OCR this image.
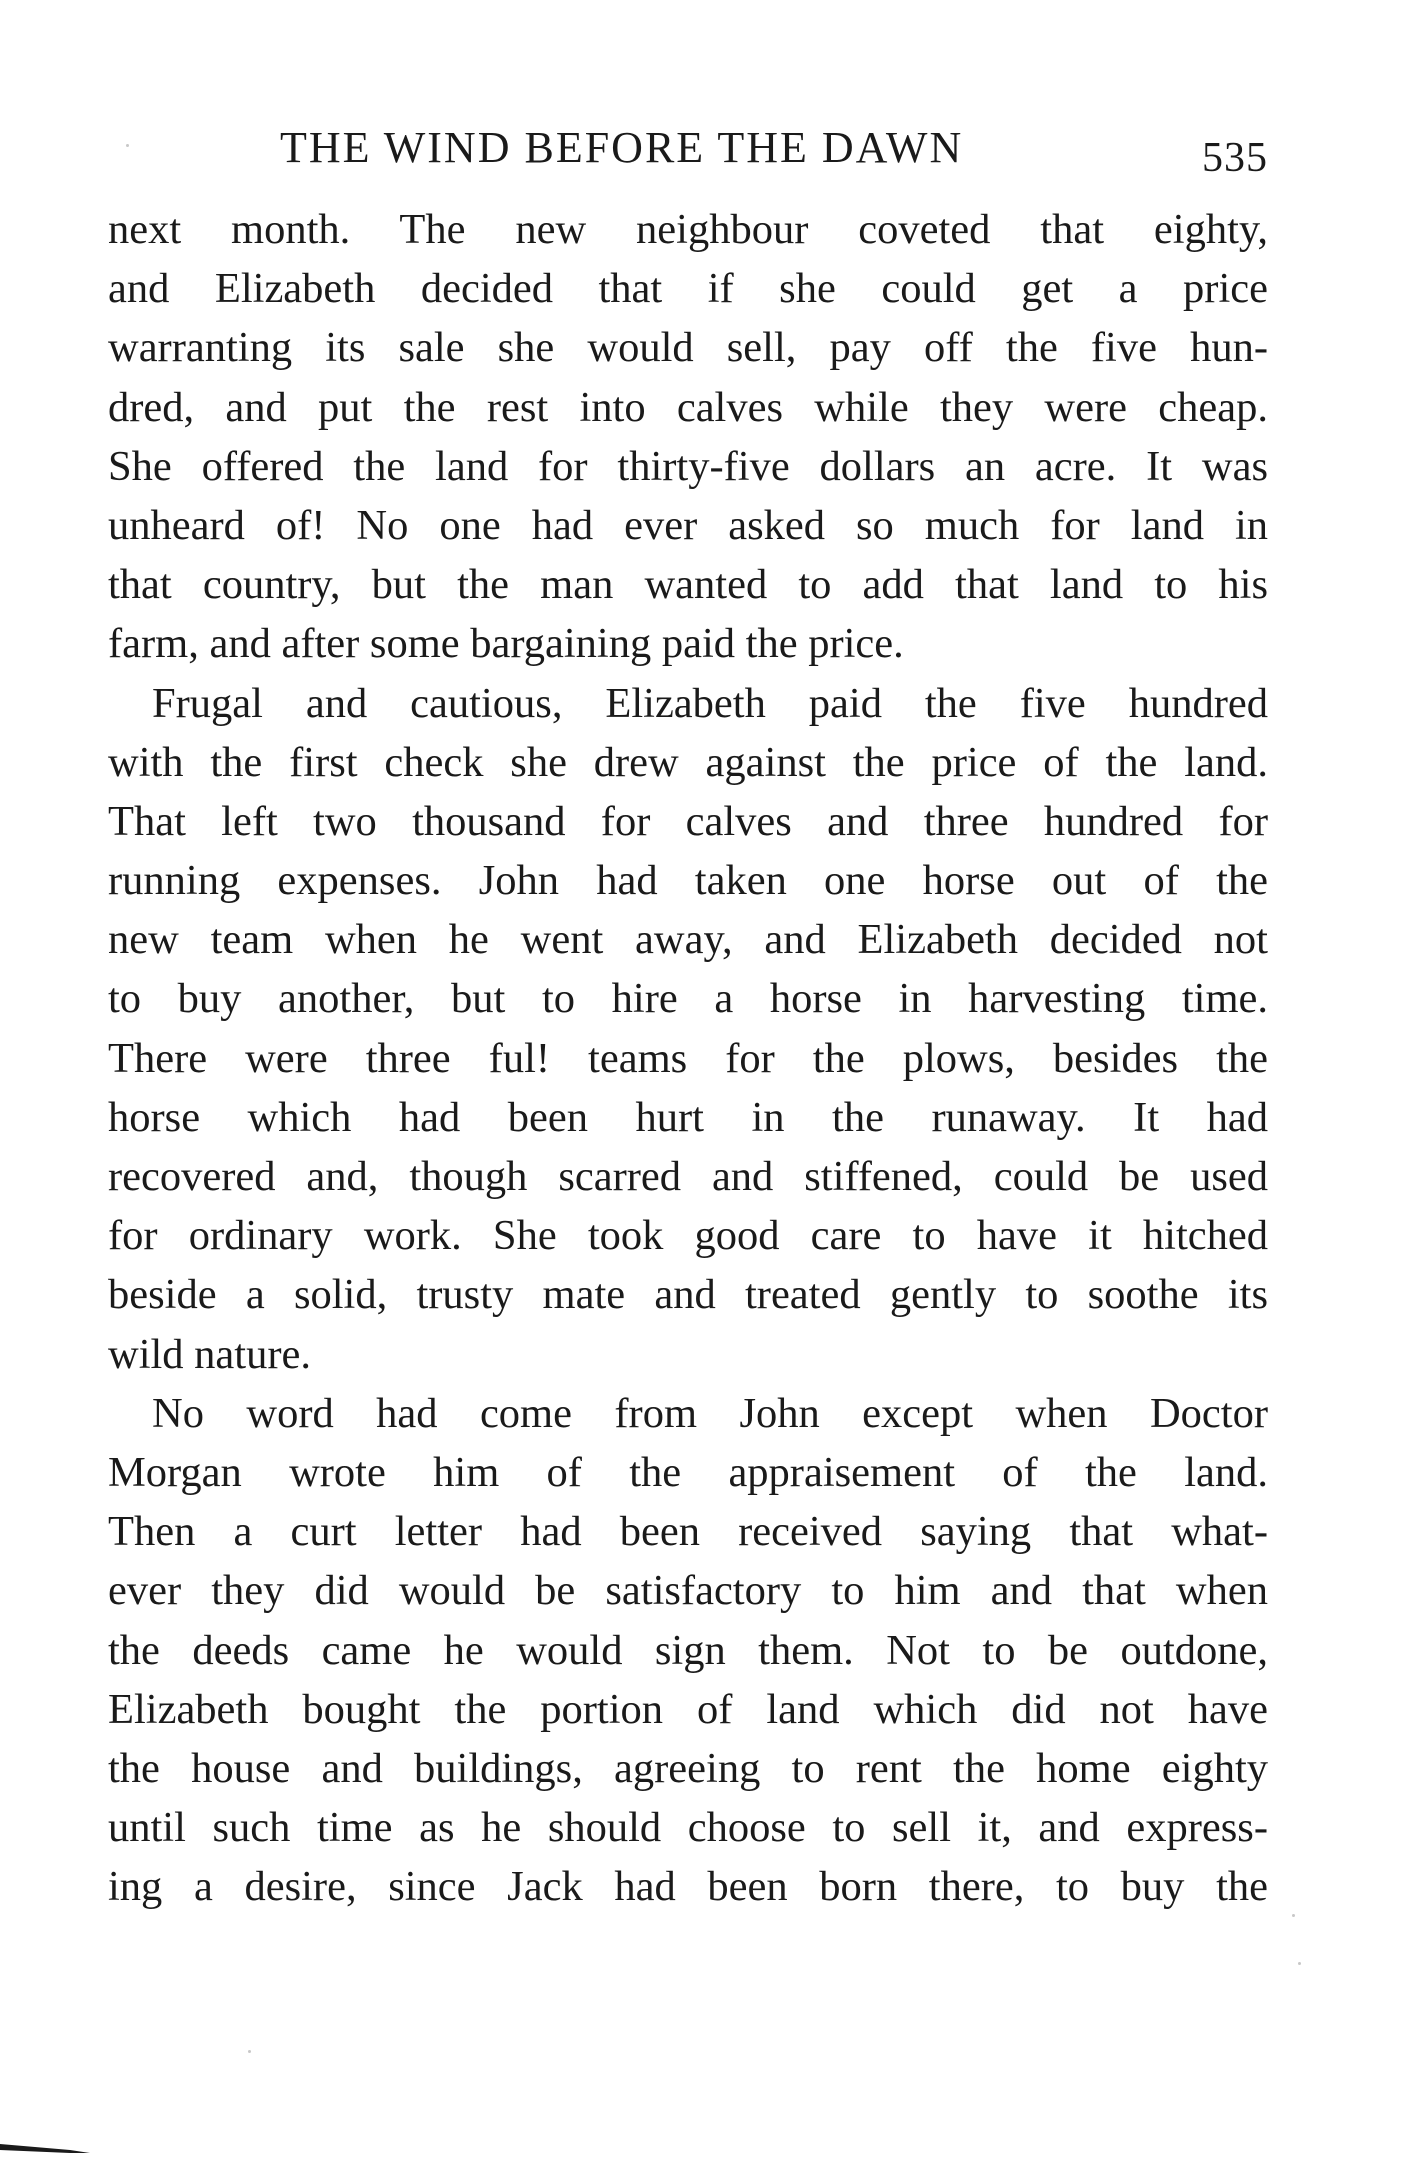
THE WIND BEFORE THE DAWN	535
next month. The new neighbour coveted that eighty,
and Elizabeth decided that if she could get a price
warranting its sale she would sell, pay off the five hun-
dred, and put the rest into calves while they were cheap.
She offered the land for thirty-five dollars an acre. It was
unheard of! No one had ever asked so much for land in
that country, but the man wanted to add that land to his
farm, and after some bargaining paid the price.
Frugal and cautious, Elizabeth paid the five hundred
with the first check she drew against the price of the land.
That left two thousand for calves and three hundred for
running expenses. John had taken one horse out of the
new team when he went away, and Elizabeth decided not
to buy another, but to hire a horse in harvesting time.
There were three ful! teams for the plows, besides the
horse which had been hurt in the runaway. It had
recovered and, though scarred and stiffened, could be used
for ordinary work. She took good care to have it hitched
beside a solid, trusty mate and treated gently to soothe its
wild nature.
No word had come from John except when Doctor
Morgan wrote him of the appraisement of the land.
Then a curt letter had been received saying that what-
ever they did would be satisfactory to him and that when
the deeds came he would sign them. Not to be outdone,
Elizabeth bought the portion of land which did not have
the house and buildings, agreeing to rent the home eighty
until such time as he should choose to sell it, and express-
ing a desire, since Jack had been born there, to buy the
